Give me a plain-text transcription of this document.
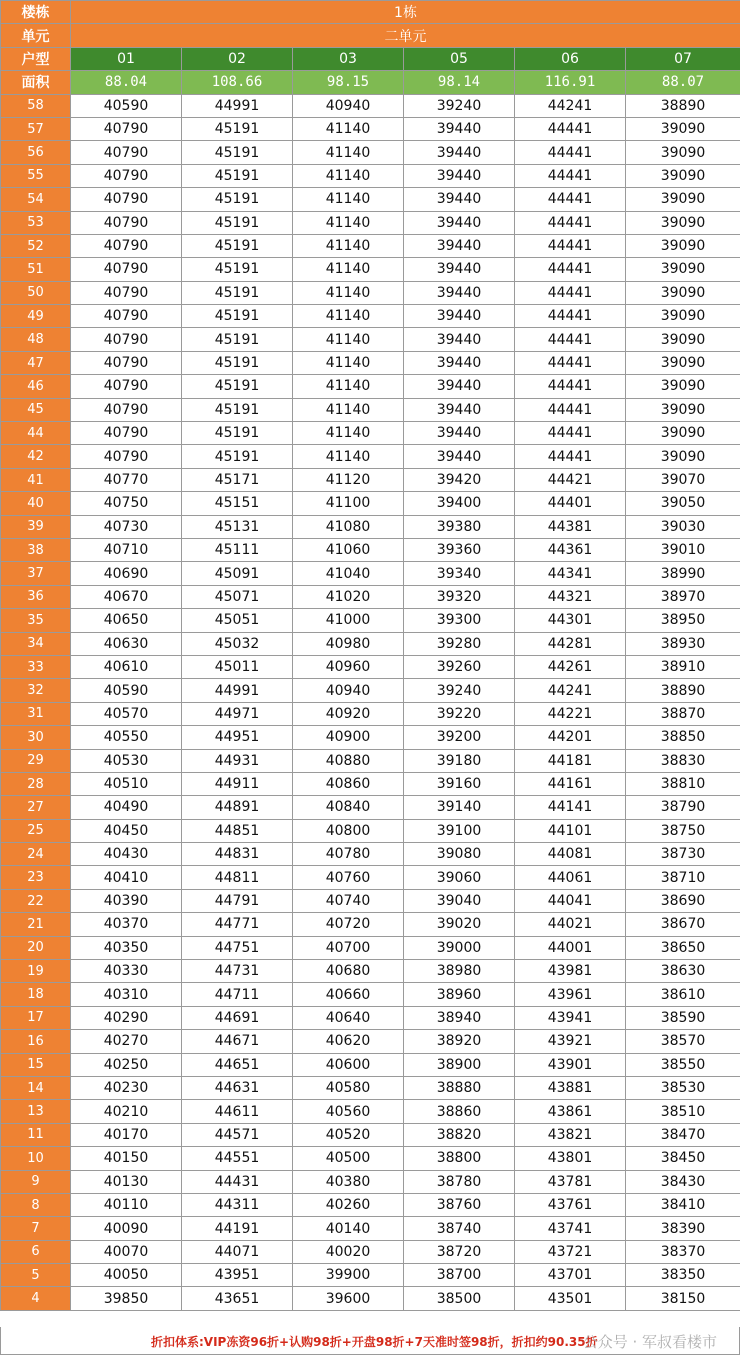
楼栋	1栋					
单元	二单元					
户型	01	02	03	05	06	07
面积	88.04	108.66	98.15	98.14	116.91	88.07
58	40590	44991	40940	39240	44241	38890
57	40790	45191	41140	39440	44441	39090
56	40790	45191	41140	39440	44441	39090
55	40790	45191	41140	39440	44441	39090
54	40790	45191	41140	39440	44441	39090
53	40790	45191	41140	39440	44441	39090
52	40790	45191	41140	39440	44441	39090
51	40790	45191	41140	39440	44441	39090
50	40790	45191	41140	39440	44441	39090
49	40790	45191	41140	39440	44441	39090
48	40790	45191	41140	39440	44441	39090
47	40790	45191	41140	39440	44441	39090
46	40790	45191	41140	39440	44441	39090
45	40790	45191	41140	39440	44441	39090
44	40790	45191	41140	39440	44441	39090
42	40790	45191	41140	39440	44441	39090
41	40770	45171	41120	39420	44421	39070
40	40750	45151	41100	39400	44401	39050
39	40730	45131	41080	39380	44381	39030
38	40710	45111	41060	39360	44361	39010
37	40690	45091	41040	39340	44341	38990
36	40670	45071	41020	39320	44321	38970
35	40650	45051	41000	39300	44301	38950
34	40630	45032	40980	39280	44281	38930
33	40610	45011	40960	39260	44261	38910
32	40590	44991	40940	39240	44241	38890
31	40570	44971	40920	39220	44221	38870
30	40550	44951	40900	39200	44201	38850
29	40530	44931	40880	39180	44181	38830
28	40510	44911	40860	39160	44161	38810
27	40490	44891	40840	39140	44141	38790
25	40450	44851	40800	39100	44101	38750
24	40430	44831	40780	39080	44081	38730
23	40410	44811	40760	39060	44061	38710
22	40390	44791	40740	39040	44041	38690
21	40370	44771	40720	39020	44021	38670
20	40350	44751	40700	39000	44001	38650
19	40330	44731	40680	38980	43981	38630
18	40310	44711	40660	38960	43961	38610
17	40290	44691	40640	38940	43941	38590
16	40270	44671	40620	38920	43921	38570
15	40250	44651	40600	38900	43901	38550
14	40230	44631	40580	38880	43881	38530
13	40210	44611	40560	38860	43861	38510
11	40170	44571	40520	38820	43821	38470
10	40150	44551	40500	38800	43801	38450
9	40130	44431	40380	38780	43781	38430
8	40110	44311	40260	38760	43761	38410
7	40090	44191	40140	38740	43741	38390
6	40070	44071	40020	38720	43721	38370
5	40050	43951	39900	38700	43701	38350
4	39850	43651	39600	38500	43501	38150
折扣体系:VIP冻资96折+认购98折+开盘98折+7天准时签98折，折扣约90.35折
公众号 · 军叔看楼市
